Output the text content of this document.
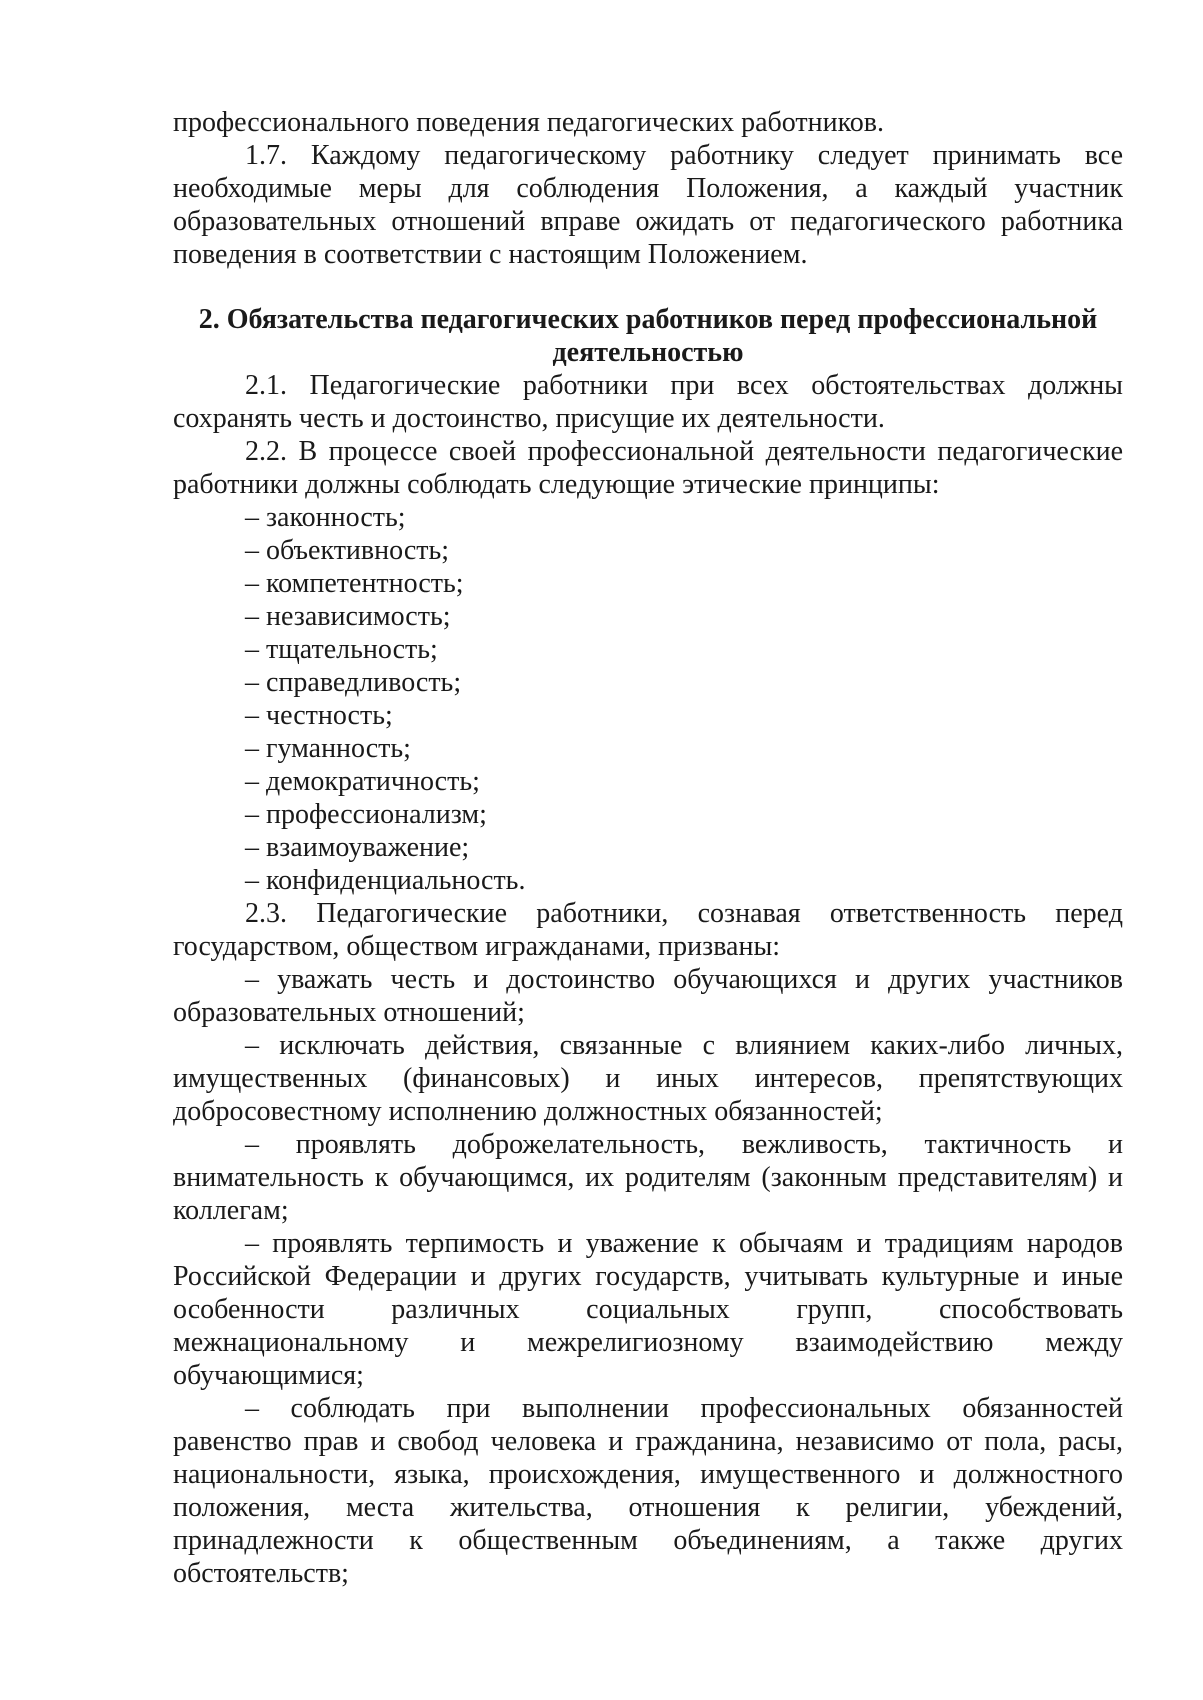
профессионального поведения педагогических работников.

1.7. Каждому педагогическому работнику следует принимать все необходимые меры для соблюдения Положения, а каждый участник образовательных отношений вправе ожидать от педагогического работника поведения в соответствии с настоящим Положением.

2. Обязательства педагогических работников перед профессиональной деятельностью

2.1. Педагогические работники при всех обстоятельствах должны сохранять честь и достоинство, присущие их деятельности.

2.2. В процессе своей профессиональной деятельности педагогические работники должны соблюдать следующие этические принципы:

– законность;

– объективность;

– компетентность;

– независимость;

– тщательность;

– справедливость;

– честность;

– гуманность;

– демократичность;

– профессионализм;

– взаимоуважение;

– конфиденциальность.

2.3. Педагогические работники, сознавая ответственность перед государством, обществом игражданами, призваны:

– уважать честь и достоинство обучающихся и других участников образовательных отношений;

– исключать действия, связанные с влиянием каких-либо личных, имущественных (финансовых) и иных интересов, препятствующих добросовестному исполнению должностных обязанностей;

– проявлять доброжелательность, вежливость, тактичность и внимательность к обучающимся, их родителям (законным представителям) и коллегам;

– проявлять терпимость и уважение к обычаям и традициям народов Российской Федерации и других государств, учитывать культурные и иные особенности различных социальных групп, способствовать межнациональному и межрелигиозному взаимодействию между обучающимися;

– соблюдать при выполнении профессиональных обязанностей равенство прав и свобод человека и гражданина, независимо от пола, расы, национальности, языка, происхождения, имущественного и должностного положения, места жительства, отношения к религии, убеждений, принадлежности к общественным объединениям, а также других обстоятельств;
